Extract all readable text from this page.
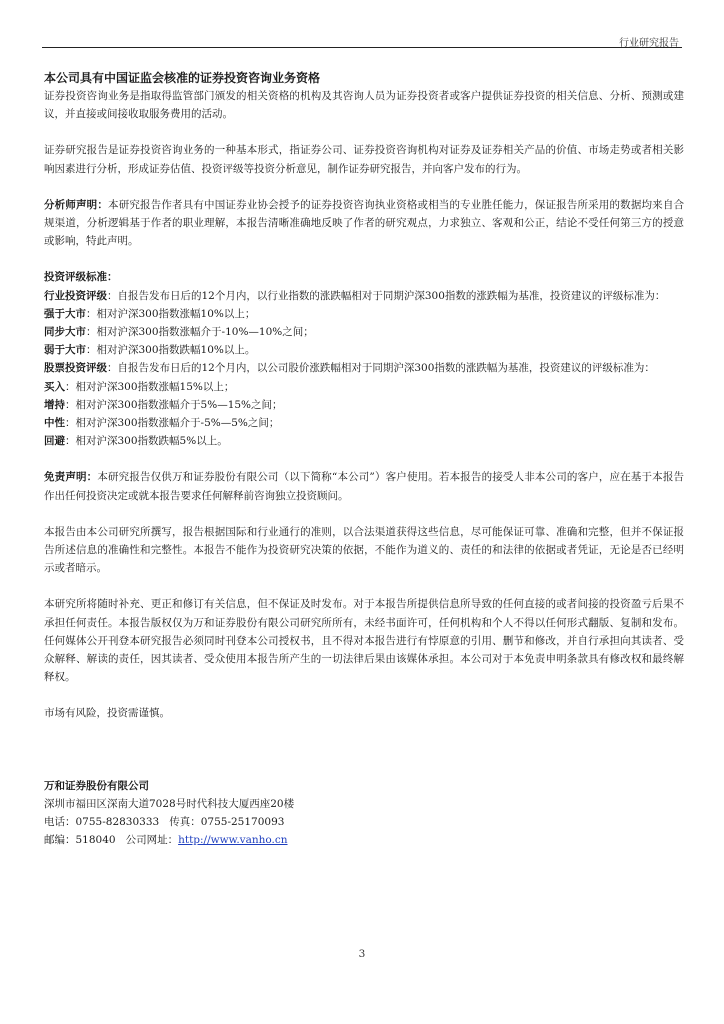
行业研究报告

本公司具有中国证监会核准的证券投资咨询业务资格

证券投资咨询业务是指取得监管部门颁发的相关资格的机构及其咨询人员为证券投资者或客户提供证券投资的相关信息、分析、预测或建议，并直接或间接收取服务费用的活动。

证券研究报告是证券投资咨询业务的一种基本形式，指证券公司、证券投资咨询机构对证券及证券相关产品的价值、市场走势或者相关影响因素进行分析，形成证券估值、投资评级等投资分析意见，制作证券研究报告，并向客户发布的行为。

分析师声明：本研究报告作者具有中国证券业协会授予的证券投资咨询执业资格或相当的专业胜任能力，保证报告所采用的数据均来自合规渠道，分析逻辑基于作者的职业理解，本报告清晰准确地反映了作者的研究观点，力求独立、客观和公正，结论不受任何第三方的授意或影响，特此声明。

投资评级标准：

行业投资评级：自报告发布日后的12个月内，以行业指数的涨跌幅相对于同期沪深300指数的涨跌幅为基准，投资建议的评级标准为：

强于大市：相对沪深300指数涨幅10%以上；

同步大市：相对沪深300指数涨幅介于-10%—10%之间；

弱于大市：相对沪深300指数跌幅10%以上。

股票投资评级：自报告发布日后的12个月内，以公司股价涨跌幅相对于同期沪深300指数的涨跌幅为基准，投资建议的评级标准为：

买入：相对沪深300指数涨幅15%以上；

增持：相对沪深300指数涨幅介于5%—15%之间；

中性：相对沪深300指数涨幅介于-5%—5%之间；

回避：相对沪深300指数跌幅5%以上。

免责声明：本研究报告仅供万和证券股份有限公司（以下简称“本公司”）客户使用。若本报告的接受人非本公司的客户，应在基于本报告作出任何投资决定或就本报告要求任何解释前咨询独立投资顾问。

本报告由本公司研究所撰写，报告根据国际和行业通行的准则，以合法渠道获得这些信息，尽可能保证可靠、准确和完整，但并不保证报告所述信息的准确性和完整性。本报告不能作为投资研究决策的依据，不能作为道义的、责任的和法律的依据或者凭证，无论是否已经明示或者暗示。

本研究所将随时补充、更正和修订有关信息，但不保证及时发布。对于本报告所提供信息所导致的任何直接的或者间接的投资盈亏后果不承担任何责任。本报告版权仅为万和证券股份有限公司研究所所有，未经书面许可，任何机构和个人不得以任何形式翻版、复制和发布。任何媒体公开刊登本研究报告必须同时刊登本公司授权书，且不得对本报告进行有悖原意的引用、删节和修改，并自行承担向其读者、受众解释、解读的责任，因其读者、受众使用本报告所产生的一切法律后果由该媒体承担。本公司对于本免责申明条款具有修改权和最终解释权。

市场有风险，投资需谨慎。

万和证券股份有限公司

深圳市福田区深南大道7028号时代科技大厦西座20楼

电话：0755-82830333 传真：0755-25170093

邮编：518040 公司网址：http://www.vanho.cn

3
